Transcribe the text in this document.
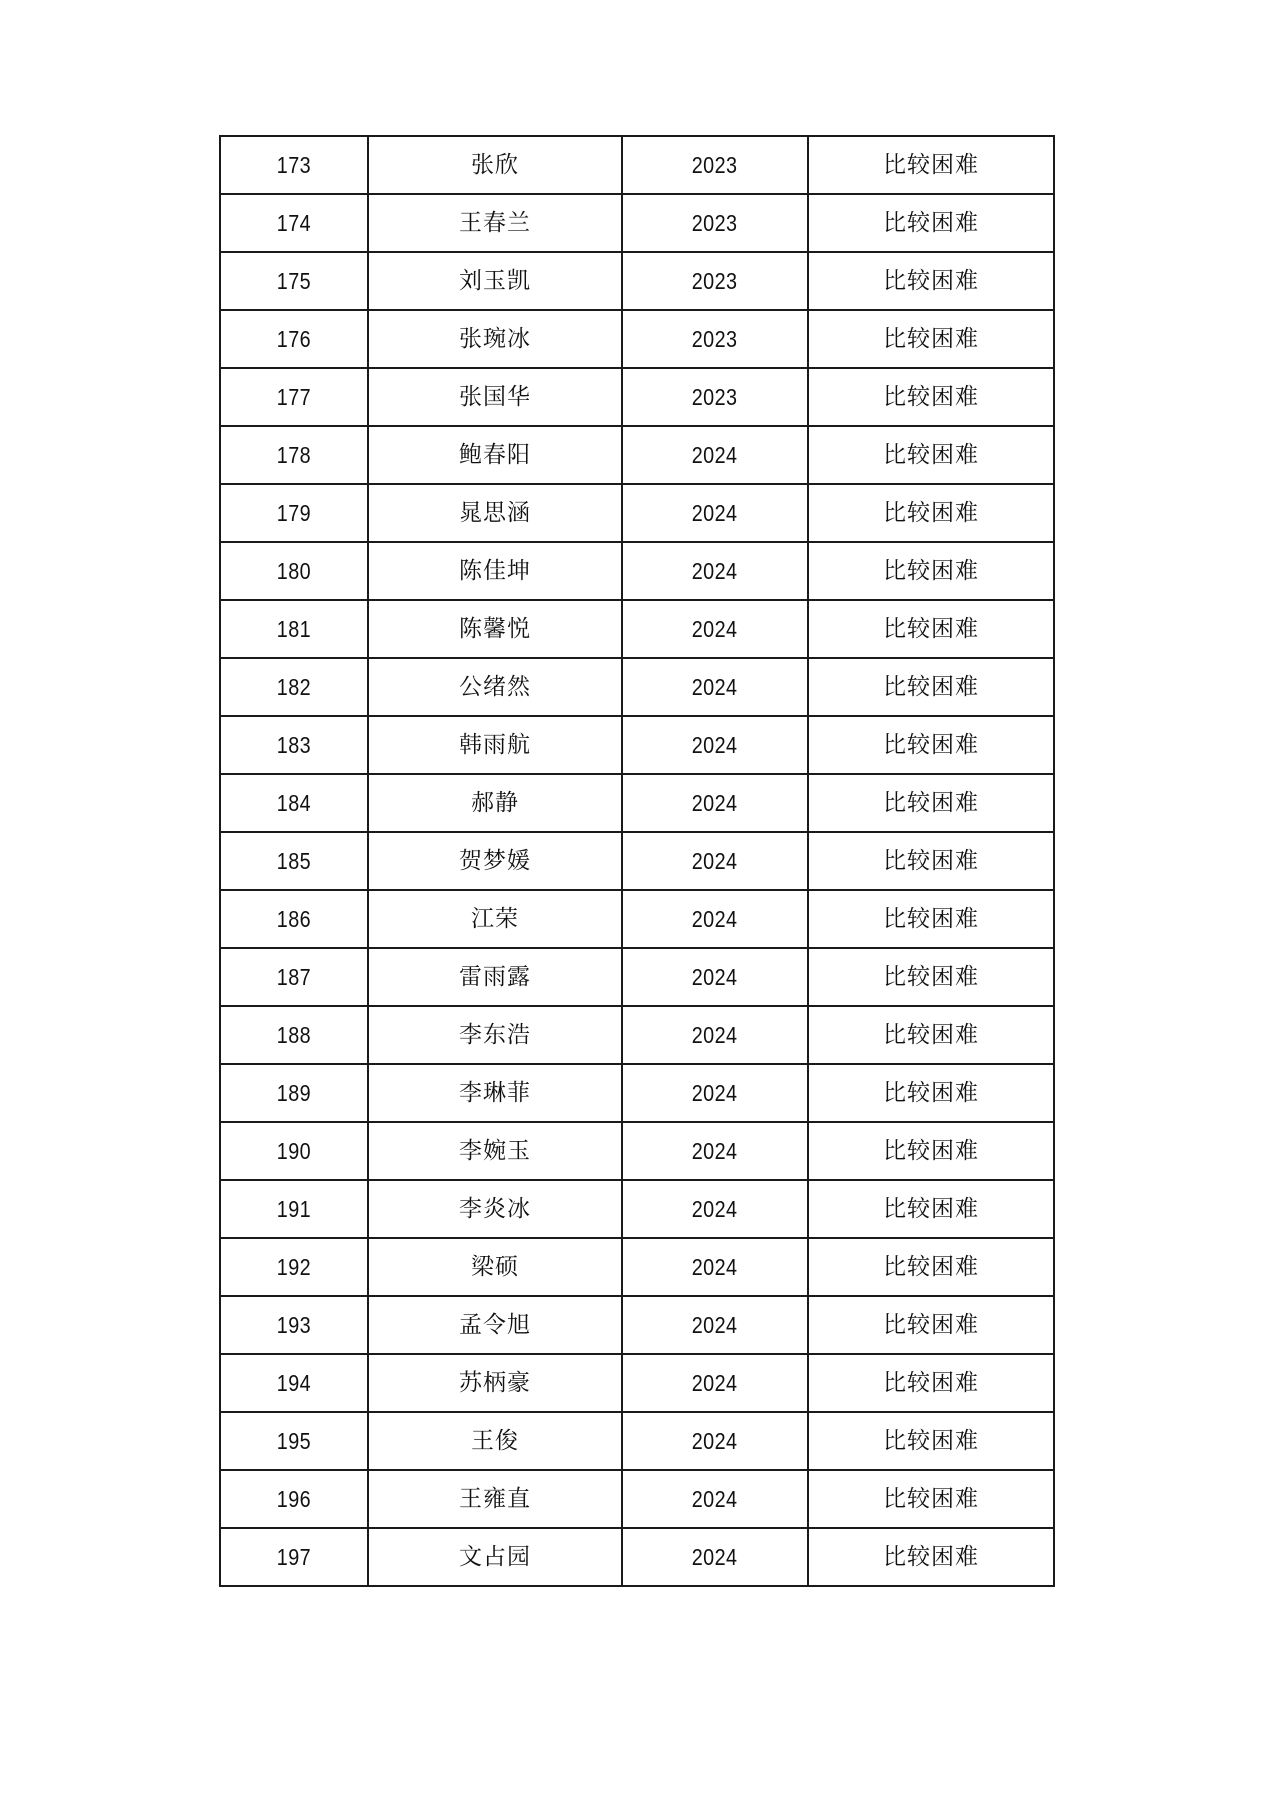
173	张欣	2023	比较困难
174	王春兰	2023	比较困难
175	刘玉凯	2023	比较困难
176	张琬冰	2023	比较困难
177	张国华	2023	比较困难
178	鲍春阳	2024	比较困难
179	晁思涵	2024	比较困难
180	陈佳坤	2024	比较困难
181	陈馨悦	2024	比较困难
182	公绪然	2024	比较困难
183	韩雨航	2024	比较困难
184	郝静	2024	比较困难
185	贺梦媛	2024	比较困难
186	江荣	2024	比较困难
187	雷雨露	2024	比较困难
188	李东浩	2024	比较困难
189	李琳菲	2024	比较困难
190	李婉玉	2024	比较困难
191	李炎冰	2024	比较困难
192	梁硕	2024	比较困难
193	孟令旭	2024	比较困难
194	苏柄豪	2024	比较困难
195	王俊	2024	比较困难
196	王雍直	2024	比较困难
197	文占园	2024	比较困难
